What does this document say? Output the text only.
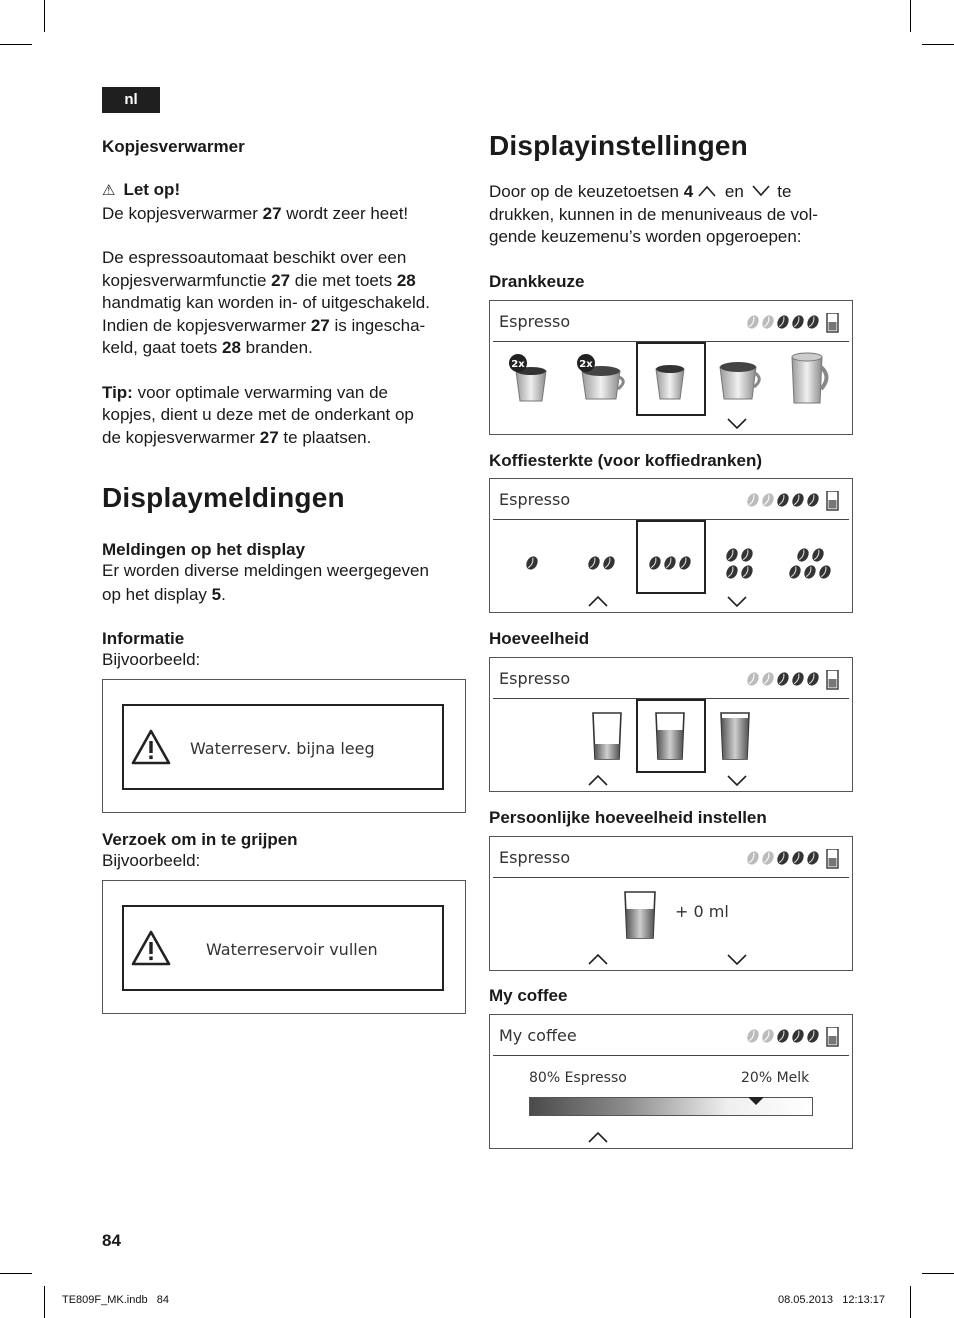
nl

Kopjesverwarmer

⚠ Let op!

De kopjesverwarmer 27 wordt zeer heet!

De espressoautomaat beschikt over een

kopjesverwarmfunctie 27 die met toets 28

handmatig kan worden in- of uitgeschakeld.

Indien de kopjesverwarmer 27 is ingescha-

keld, gaat toets 28 branden.

Tip: voor optimale verwarming van de

kopjes, dient u deze met de onderkant op

de kopjesverwarmer 27 te plaatsen.

Displaymeldingen

Meldingen op het display

Er worden diverse meldingen weergegeven

op het display 5.

Informatie

Bijvoorbeeld:

Waterreserv. bijna leeg

Verzoek om in te grijpen

Bijvoorbeeld:

Waterreservoir vullen
Displayinstellingen

Door op de keuzetoetsen 4 en  te

drukken, kunnen in de menuniveaus de vol-

gende keuzemenu’s worden opgeroepen:

Drankkeuze
Espresso
2x	2x
Koffiesterkte (voor koffiedranken)
Espresso
Hoeveelheid
Espresso
Persoonlijke hoeveelheid instellen
Espresso
+ 0 ml
My coffee
My coffee
80% Espresso	20% Melk
84
TE809F_MK.indb   84	08.05.2013   12:13:17
